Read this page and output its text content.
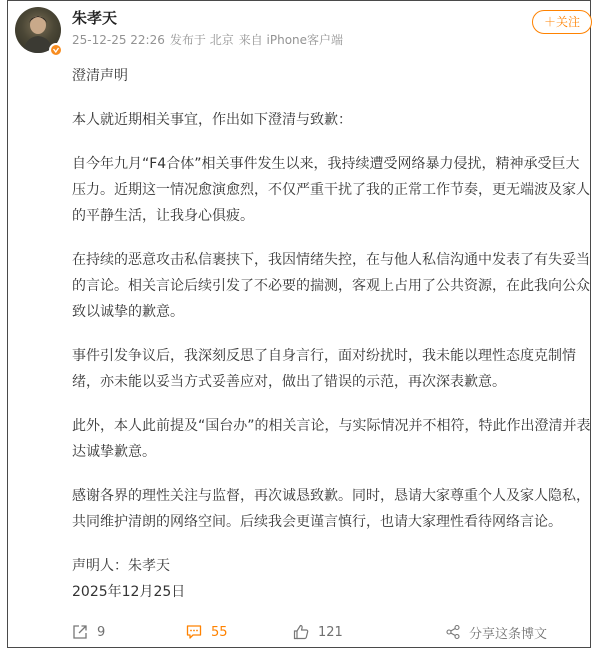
朱孝天
25-12-25 22:26 发布于 北京 来自 iPhone客户端
＋关注

澄清声明

本人就近期相关事宜，作出如下澄清与致歉：

自今年九月“F4合体”相关事件发生以来，我持续遭受网络暴力侵扰，精神承受巨大压力。近期这一情况愈演愈烈，不仅严重干扰了我的正常工作节奏，更无端波及家人的平静生活，让我身心俱疲。

在持续的恶意攻击私信裹挟下，我因情绪失控，在与他人私信沟通中发表了有失妥当的言论。相关言论后续引发了不必要的揣测，客观上占用了公共资源，在此我向公众致以诚挚的歉意。

事件引发争议后，我深刻反思了自身言行，面对纷扰时，我未能以理性态度克制情绪，亦未能以妥当方式妥善应对，做出了错误的示范，再次深表歉意。

此外，本人此前提及“国台办”的相关言论，与实际情况并不相符，特此作出澄清并表达诚挚歉意。

感谢各界的理性关注与监督，再次诚恳致歉。同时，恳请大家尊重个人及家人隐私，共同维护清朗的网络空间。后续我会更谨言慎行，也请大家理性看待网络言论。

声明人：朱孝天

2025年12月25日

9	55	121	分享这条博文
